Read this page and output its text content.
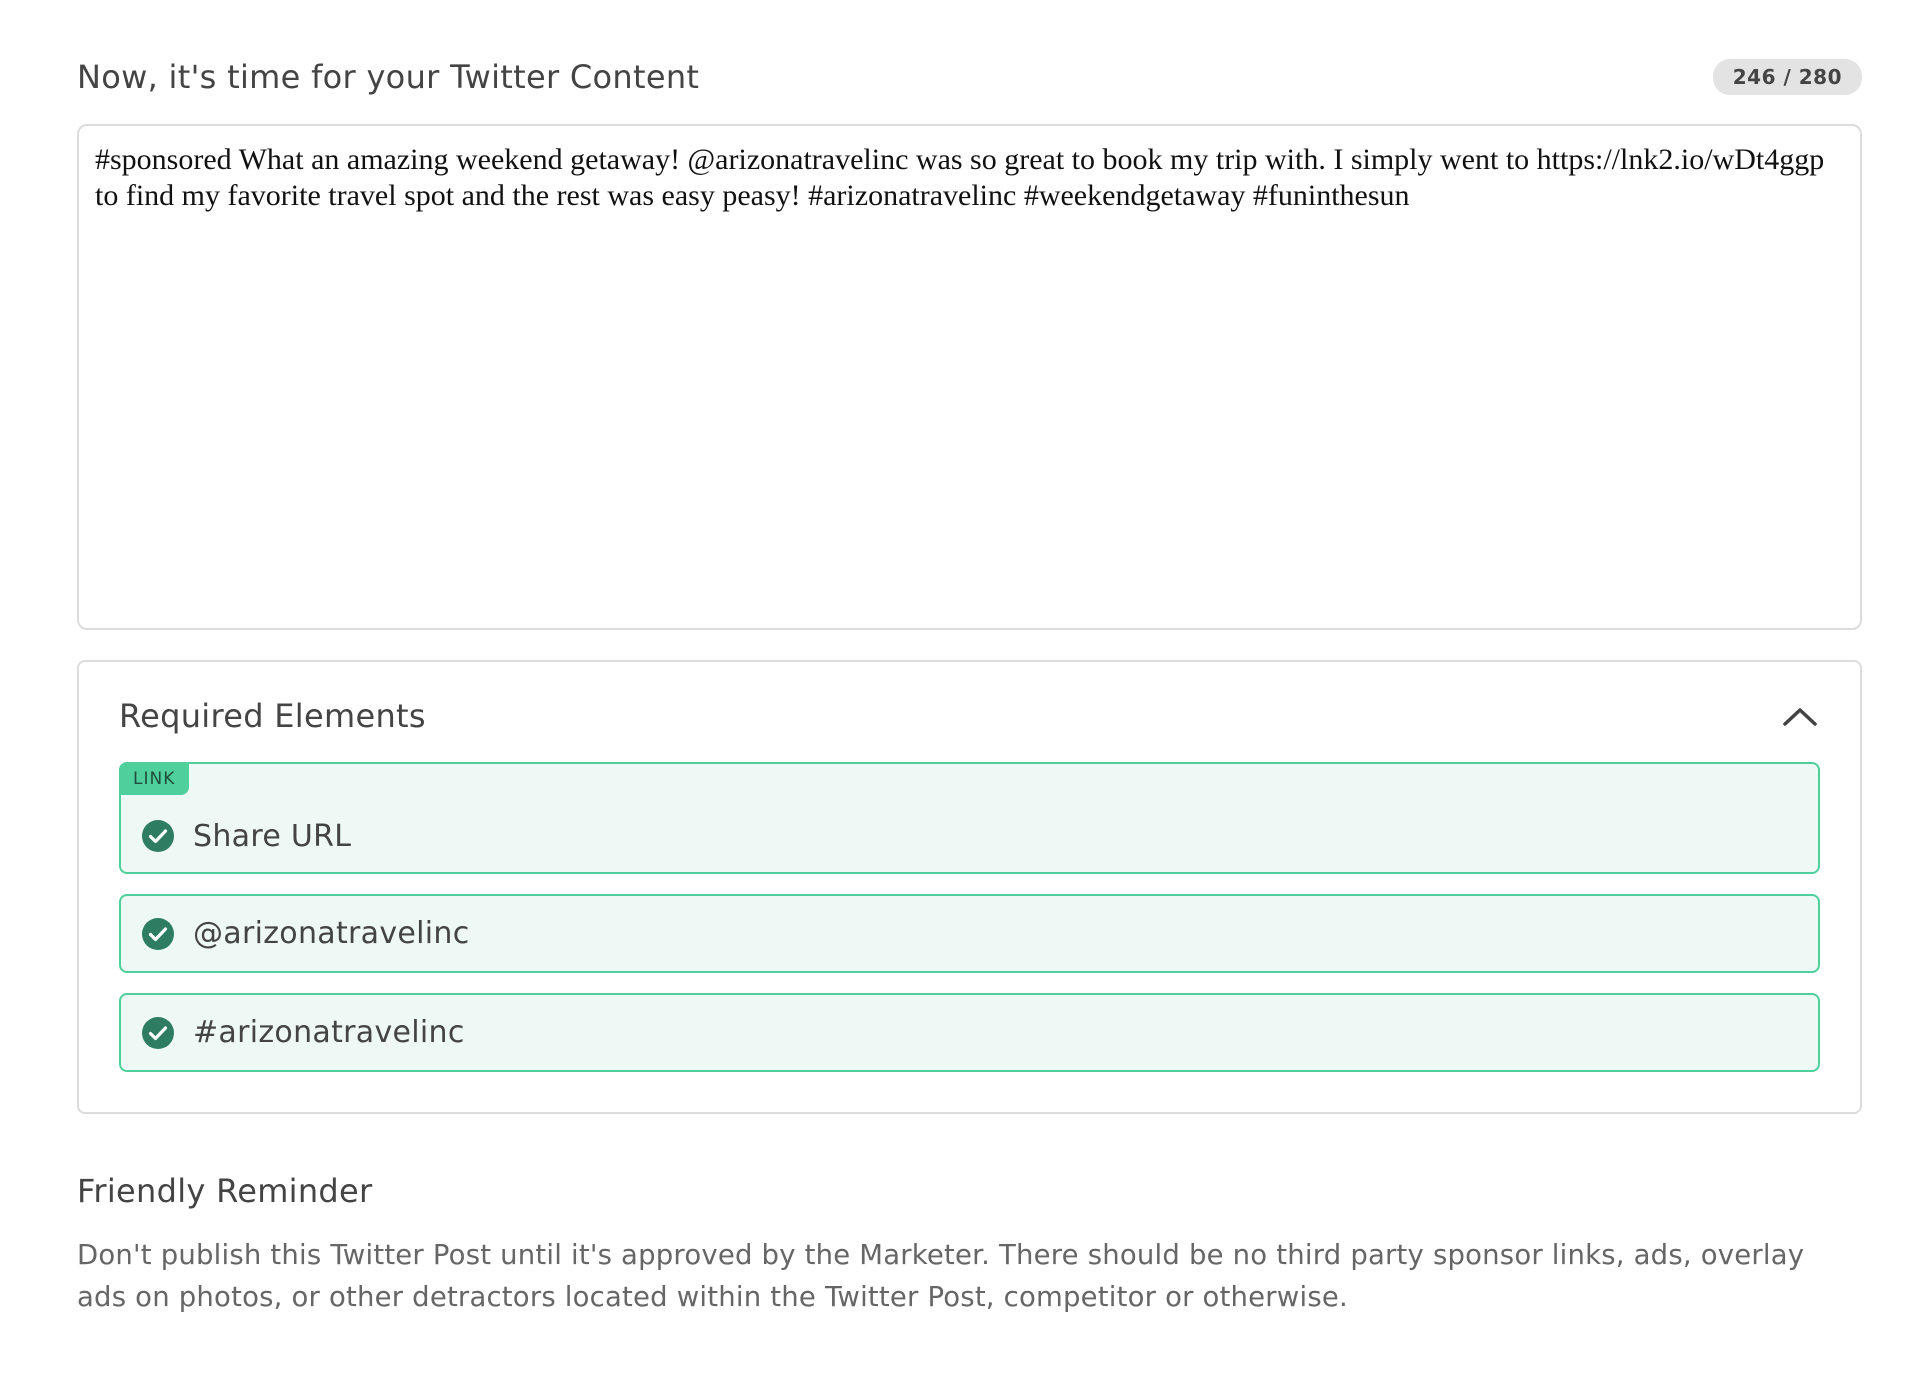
Now, it's time for your Twitter Content	246 / 280
#sponsored What an amazing weekend getaway! @arizonatravelinc was so great to book my trip with. I simply went to https://lnk2.io/wDt4ggp to find my favorite travel spot and the rest was easy peasy! #arizonatravelinc #weekendgetaway #funinthesun
Required Elements
LINK
Share URL
@arizonatravelinc
#arizonatravelinc
Friendly Reminder
Don't publish this Twitter Post until it's approved by the Marketer. There should be no third party sponsor links, ads, overlay ads on photos, or other detractors located within the Twitter Post, competitor or otherwise.
